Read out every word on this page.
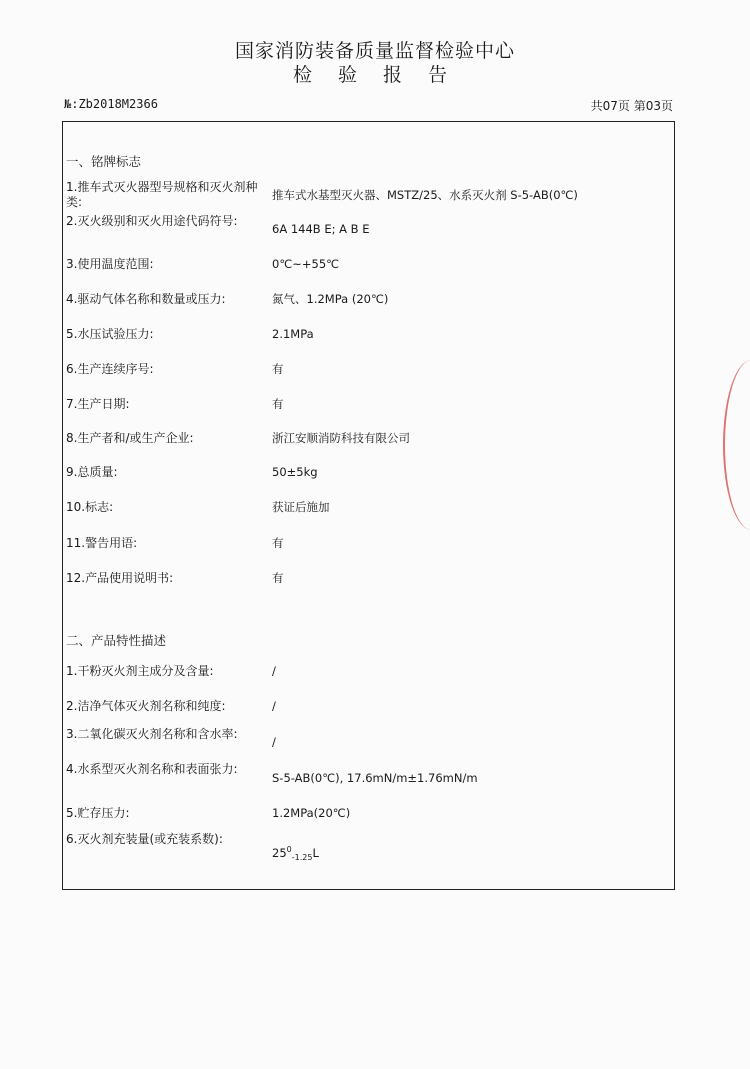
国家消防装备质量监督检验中心
检 验 报 告
№:Zb2018M2366	共07页 第03页
一、铭牌标志
1.推车式灭火器型号规格和灭火剂种类:	推车式水基型灭火器、MSTZ/25、水系灭火剂 S-5-AB(0℃)
2.灭火级别和灭火用途代码符号:
6A 144B E; A B E
3.使用温度范围:	0℃~+55℃
4.驱动气体名称和数量或压力:	氮气、1.2MPa (20℃)
5.水压试验压力:	2.1MPa
6.生产连续序号:	有
7.生产日期:	有
8.生产者和/或生产企业:	浙江安顺消防科技有限公司
9.总质量:	50±5kg
10.标志:	获证后施加
11.警告用语:	有
12.产品使用说明书:	有
二、产品特性描述
1.干粉灭火剂主成分及含量:	/
2.洁净气体灭火剂名称和纯度:	/
3.二氧化碳灭火剂名称和含水率:
/
4.水系型灭火剂名称和表面张力:
S-5-AB(0℃), 17.6mN/m±1.76mN/m
5.贮存压力:	1.2MPa(20℃)
6.灭火剂充装量(或充装系数):
$25^0_{-1.25}L$
